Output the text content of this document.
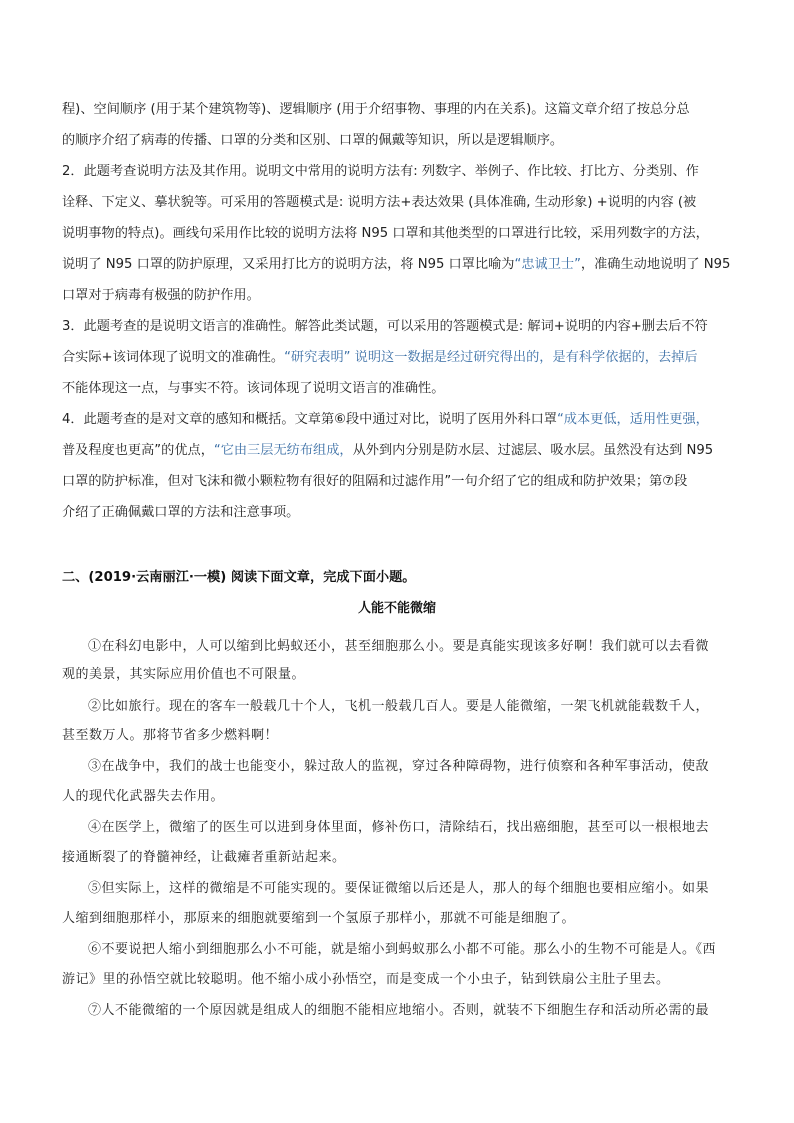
程)、空间顺序 (用于某个建筑物等)、逻辑顺序 (用于介绍事物、事理的内在关系)。这篇文章介绍了按总分总
的顺序介绍了病毒的传播、口罩的分类和区别、口罩的佩戴等知识，所以是逻辑顺序。
2．此题考查说明方法及其作用。说明文中常用的说明方法有: 列数字、举例子、作比较、打比方、分类别、作
诠释、下定义、摹状貌等。可采用的答题模式是: 说明方法+表达效果 (具体准确, 生动形象) +说明的内容 (被
说明事物的特点)。画线句采用作比较的说明方法将 N95 口罩和其他类型的口罩进行比较，采用列数字的方法，
说明了 N95 口罩的防护原理，又采用打比方的说明方法，将 N95 口罩比喻为“忠诚卫士”，准确生动地说明了 N95
口罩对于病毒有极强的防护作用。
3．此题考查的是说明文语言的准确性。解答此类试题，可以采用的答题模式是: 解词+说明的内容+删去后不符
合实际+该词体现了说明文的准确性。“研究表明” 说明这一数据是经过研究得出的，是有科学依据的，去掉后
不能体现这一点，与事实不符。该词体现了说明文语言的准确性。
4．此题考查的是对文章的感知和概括。文章第⑥段中通过对比，说明了医用外科口罩“成本更低，适用性更强，
普及程度也更高”的优点，“它由三层无纺布组成，从外到内分别是防水层、过滤层、吸水层。虽然没有达到 N95
口罩的防护标准，但对飞沫和微小颗粒物有很好的阻隔和过滤作用”一句介绍了它的组成和防护效果；第⑦段
介绍了正确佩戴口罩的方法和注意事项。
二、(2019·云南丽江·一模) 阅读下面文章，完成下面小题。
人能不能微缩
①在科幻电影中，人可以缩到比蚂蚁还小，甚至细胞那么小。要是真能实现该多好啊！我们就可以去看微
观的美景，其实际应用价值也不可限量。
②比如旅行。现在的客车一般载几十个人，飞机一般载几百人。要是人能微缩，一架飞机就能载数千人，
甚至数万人。那将节省多少燃料啊！
③在战争中，我们的战士也能变小，躲过敌人的监视，穿过各种障碍物，进行侦察和各种军事活动，使敌
人的现代化武器失去作用。
④在医学上，微缩了的医生可以进到身体里面，修补伤口，清除结石，找出癌细胞，甚至可以一根根地去
接通断裂了的脊髓神经，让截瘫者重新站起来。
⑤但实际上，这样的微缩是不可能实现的。要保证微缩以后还是人，那人的每个细胞也要相应缩小。如果
人缩到细胞那样小，那原来的细胞就要缩到一个氢原子那样小，那就不可能是细胞了。
⑥不要说把人缩小到细胞那么小不可能，就是缩小到蚂蚁那么小都不可能。那么小的生物不可能是人。《西
游记》里的孙悟空就比较聪明。他不缩小成小孙悟空，而是变成一个小虫子，钻到铁扇公主肚子里去。
⑦人不能微缩的一个原因就是组成人的细胞不能相应地缩小。否则，就装不下细胞生存和活动所必需的最
